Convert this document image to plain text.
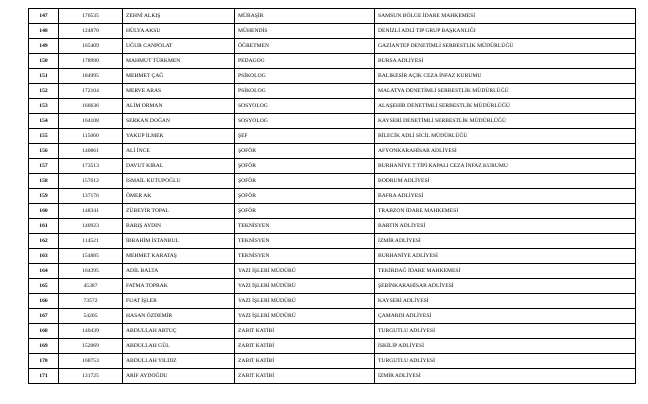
147	170535	ZEHNİ ALKIŞ	MÜBAŞİR	SAMSUN BÖLGE İDARE MAHKEMESİ
148	124870	HÜLYA AKSU	MÜHENDİS	DENİZLİ ADLİ TIP GRUP BAŞKANLIĞI
149	165409	UĞUR CANPOLAT	ÖĞRETMEN	GAZİANTEP DENETİMLİ SERBESTLİK MÜDÜRLÜĞÜ
150	178990	MAHMUT TÜRKMEN	PEDAGOG	BURSA ADLİYESİ
151	184995	MEHMET ÇAĞ	PSİKOLOG	BALIKESİR AÇIK CEZA İNFAZ KURUMU
152	172104	MERVE ARAS	PSİKOLOG	MALATYA DENETİMLİ SERBESTLİK MÜDÜRLÜĞÜ
153	166636	ALİM ORMAN	SOSYOLOG	ALAŞEHİR DENETİMLİ SERBESTLİK MÜDÜRLÜĞÜ
154	164108	SERKAN DOĞAN	SOSYOLOG	KAYSERİ DENETİMLİ SERBESTLİK MÜDÜRLÜĞÜ
155	115060	YAKUP İLMEK	ŞEF	BİLECİK ADLİ SİCİL MÜDÜRLÜĞÜ
156	140861	ALİ İNCE	ŞOFÖR	AFYONKARAHİSAR ADLİYESİ
157	173513	DAVUT KIRAL	ŞOFÖR	BURHANİYE T TİPİ KAPALI CEZA İNFAZ KURUMU
158	157612	İSMAİL KUTUPOĞLU	ŞOFÖR	BODRUM ADLİYESİ
159	137176	ÖMER AK	ŞOFÖR	BAFRA ADLİYESİ
160	148341	ZÜBEYİR TOPAL	ŞOFÖR	TRABZON İDARE MAHKEMESİ
161	140923	BARIŞ AYDIN	TEKNİSYEN	BARTIN ADLİYESİ
162	114521	İBRAHİM İSTANBUL	TEKNİSYEN	İZMİR ADLİYESİ
163	154885	MEHMET KARATAŞ	TEKNİSYEN	BURHANİYE ADLİYESİ
164	164395	ADİL BALTA	YAZI İŞLERİ MÜDÜRÜ	TEKİRDAĞ İDARE MAHKEMESİ
165	45387	FATMA TOPRAK	YAZI İŞLERİ MÜDÜRÜ	ŞEBİNKARAHİSAR ADLİYESİ
166	73572	FUAT İŞLER	YAZI İŞLERİ MÜDÜRÜ	KAYSERİ ADLİYESİ
167	54205	HASAN ÖZDEMİR	YAZI İŞLERİ MÜDÜRÜ	ÇAMARDI ADLİYESİ
168	140439	ABDULLAH ARTUÇ	ZABIT KATİBİ	TURGUTLU ADLİYESİ
169	152069	ABDULLAH GÜL	ZABIT KATİBİ	İSKİLİP ADLİYESİ
170	168753	ABDULLAH YILDIZ	ZABIT KATİBİ	TURGUTLU ADLİYESİ
171	131725	ARİF AYDOĞDU	ZABIT KATİBİ	İZMİR ADLİYESİ
